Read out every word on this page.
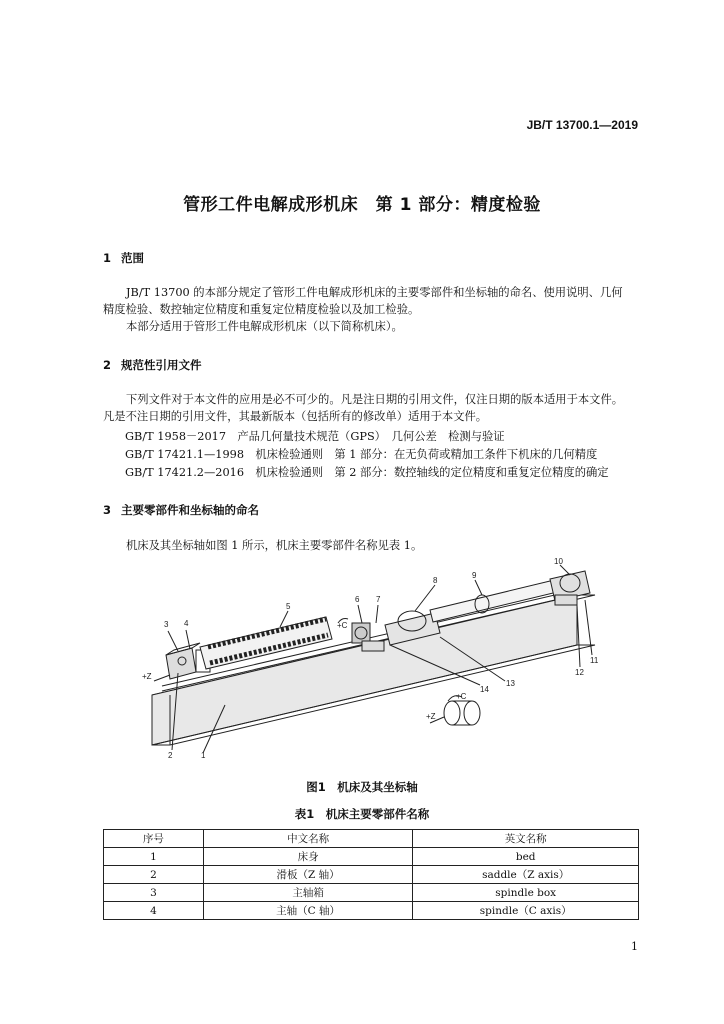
JB/T 13700.1—2019
管形工件电解成形机床　第 1 部分：精度检验
1 范围
JB/T 13700 的本部分规定了管形工件电解成形机床的主要零部件和坐标轴的命名、使用说明、几何
精度检验、数控轴定位精度和重复定位精度检验以及加工检验。
本部分适用于管形工件电解成形机床（以下简称机床）。
2 规范性引用文件
下列文件对于本文件的应用是必不可少的。凡是注日期的引用文件，仅注日期的版本适用于本文件。
凡是不注日期的引用文件，其最新版本（包括所有的修改单）适用于本文件。
GB/T 1958－2017　产品几何量技术规范（GPS）　几何公差　检测与验证
GB/T 17421.1—1998　机床检验通则　第 1 部分：在无负荷或精加工条件下机床的几何精度
GB/T 17421.2—2016　机床检验通则　第 2 部分：数控轴线的定位精度和重复定位精度的确定
3 主要零部件和坐标轴的命名
机床及其坐标轴如图 1 所示，机床主要零部件名称见表 1。
1
2
3 4
5
6 7
8
9
10
11
12
13
14
+Z
+C
+C
+Z
图1　机床及其坐标轴
表1　机床主要零部件名称
序号	中文名称	英文名称
1	床身	bed
2	滑板（Z 轴）	saddle（Z axis）
3	主轴箱	spindle box
4	主轴（C 轴）	spindle（C axis）
1
